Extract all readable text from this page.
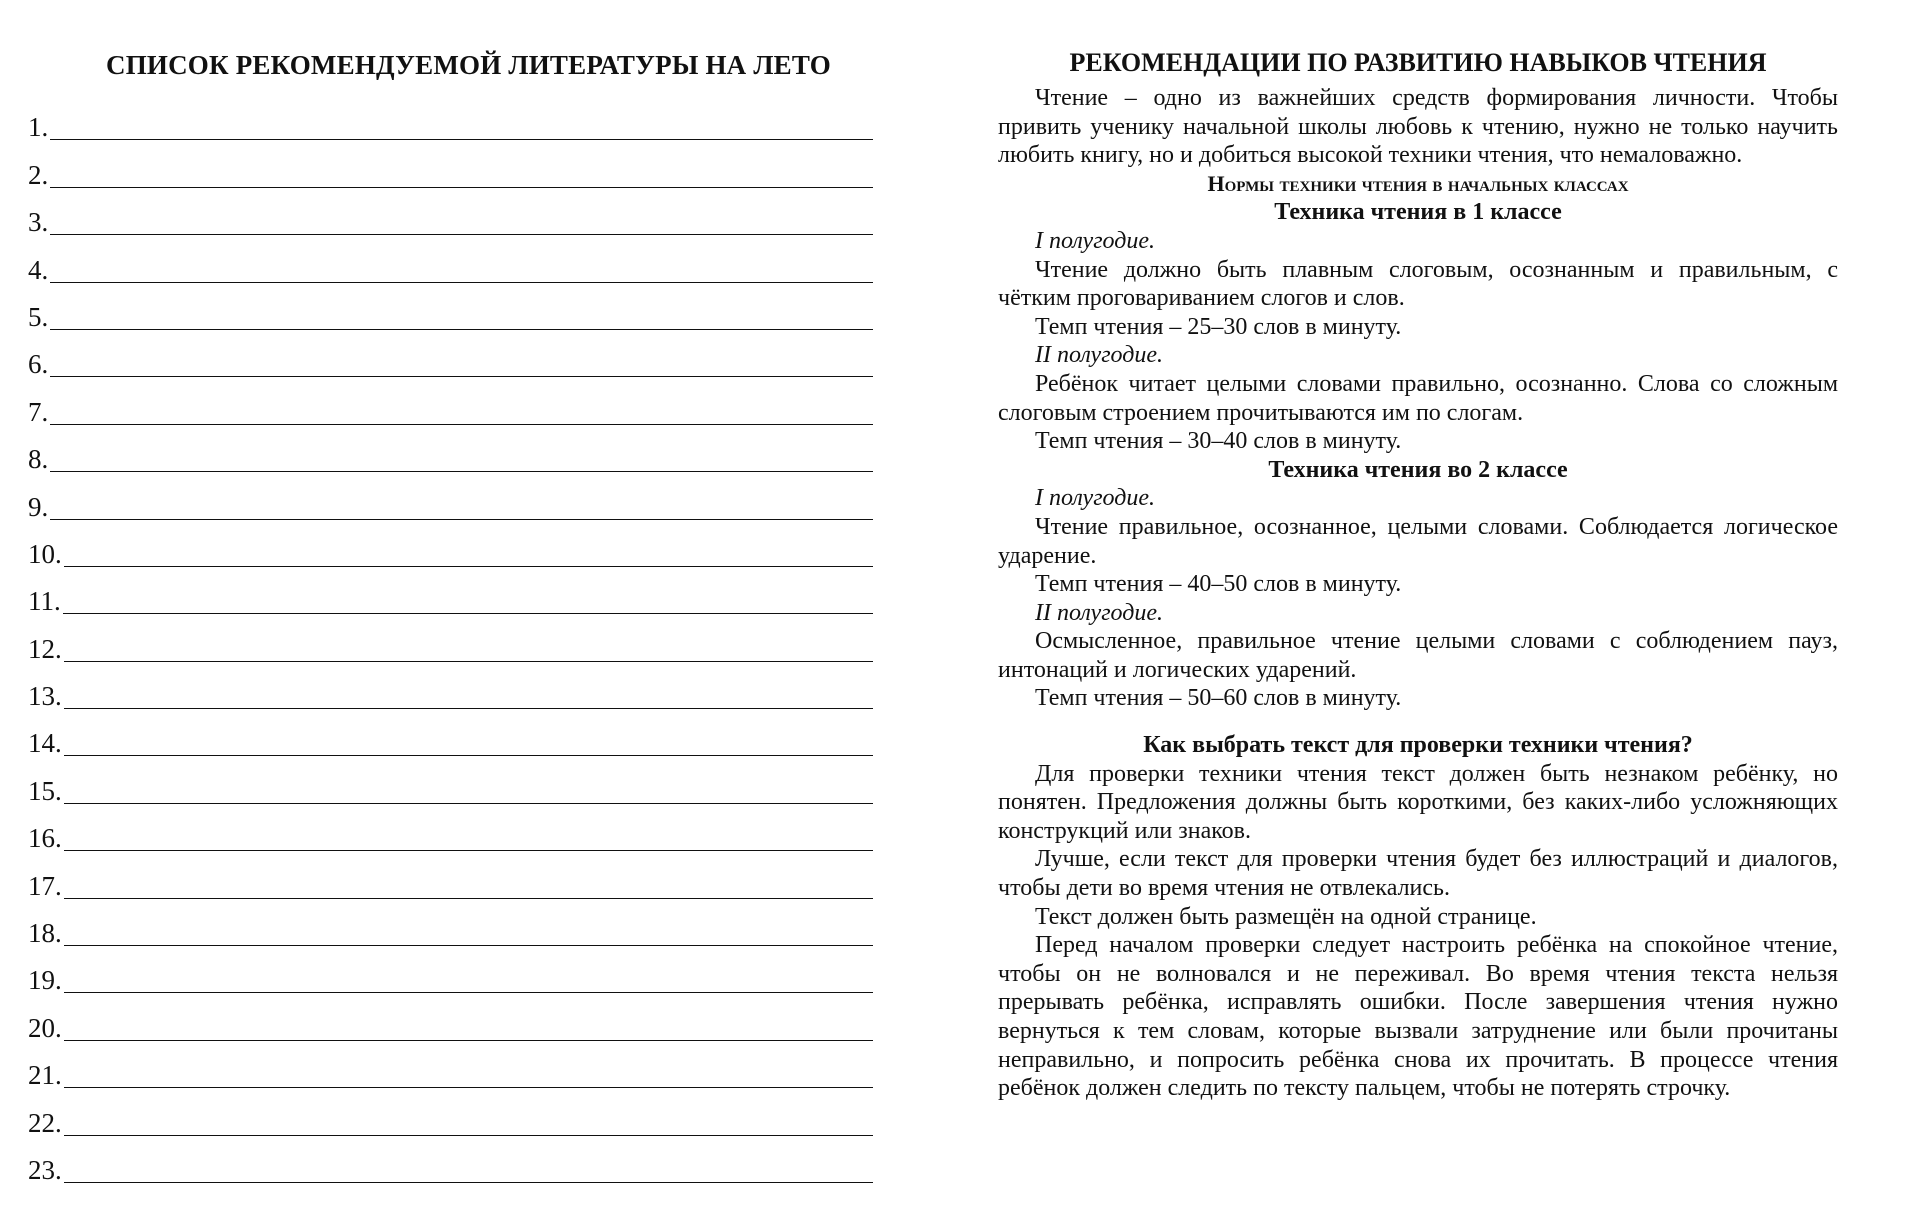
СПИСОК РЕКОМЕНДУЕМОЙ ЛИТЕРАТУРЫ НА ЛЕТО
1.
2.
3.
4.
5.
6.
7.
8.
9.
10.
11.
12.
13.
14.
15.
16.
17.
18.
19.
20.
21.
22.
23.
РЕКОМЕНДАЦИИ ПО РАЗВИТИЮ НАВЫКОВ ЧТЕНИЯ

Чтение – одно из важнейших средств формирования личности. Чтобы привить ученику начальной школы любовь к чтению, нужно не только научить любить книгу, но и добиться высокой техники чтения, что немаловажно.

Нормы техники чтения в начальных классах

Техника чтения в 1 классе

I полугодие.

Чтение должно быть плавным слоговым, осознанным и правильным, с чётким проговариванием слогов и слов.

Темп чтения – 25–30 слов в минуту.

II полугодие.

Ребёнок читает целыми словами правильно, осознанно. Слова со сложным слоговым строением прочитываются им по слогам.

Темп чтения – 30–40 слов в минуту.

Техника чтения во 2 классе

I полугодие.

Чтение правильное, осознанное, целыми словами. Соблюдается логическое ударение.

Темп чтения – 40–50 слов в минуту.

II полугодие.

Осмысленное, правильное чтение целыми словами с соблюдением пауз, интонаций и логических ударений.

Темп чтения – 50–60 слов в минуту.

Как выбрать текст для проверки техники чтения?

Для проверки техники чтения текст должен быть незнаком ребёнку, но понятен. Предложения должны быть короткими, без каких-либо усложняющих конструкций или знаков.

Лучше, если текст для проверки чтения будет без иллюстраций и диалогов, чтобы дети во время чтения не отвлекались.

Текст должен быть размещён на одной странице.

Перед началом проверки следует настроить ребёнка на спокойное чтение, чтобы он не волновался и не переживал. Во время чтения текста нельзя прерывать ребёнка, исправлять ошибки. После завершения чтения нужно вернуться к тем словам, которые вызвали затруднение или были прочитаны неправильно, и попросить ребёнка снова их прочитать. В процессе чтения ребёнок должен следить по тексту пальцем, чтобы не потерять строчку.
